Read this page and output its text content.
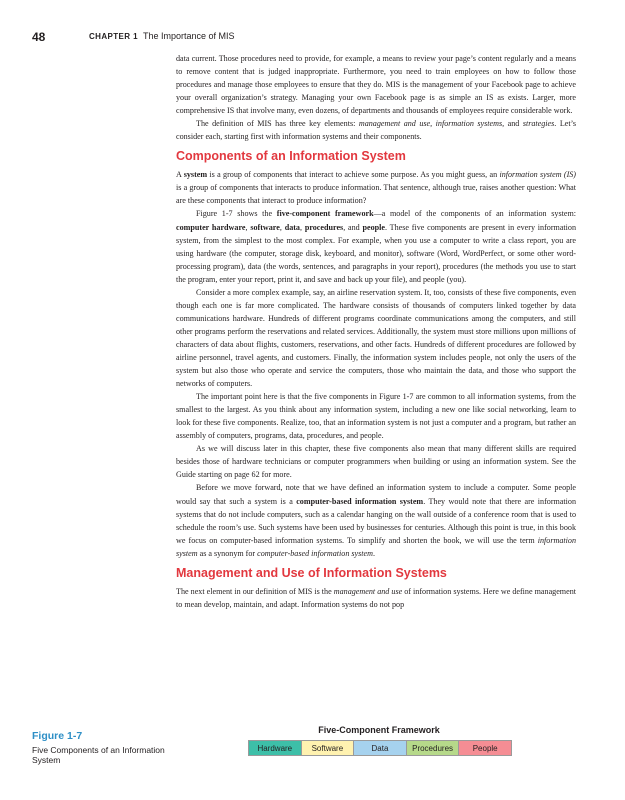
48	CHAPTER 1 The Importance of MIS

data current. Those procedures need to provide, for example, a means to review your page’s content regularly and a means to remove content that is judged inappropriate. Furthermore, you need to train employees on how to follow those procedures and manage those employees to ensure that they do. MIS is the management of your Facebook page to achieve your overall organization’s strategy. Managing your own Facebook page is as simple an IS as exists. Larger, more comprehensive IS that involve many, even dozens, of departments and thousands of employees require considerable work.

The definition of MIS has three key elements: management and use, information systems, and strategies. Let’s consider each, starting first with information systems and their components.

Components of an Information System

A system is a group of components that interact to achieve some purpose. As you might guess, an information system (IS) is a group of components that interacts to produce information. That sentence, although true, raises another question: What are these components that interact to produce information?

Figure 1-7 shows the five-component framework—a model of the components of an information system: computer hardware, software, data, procedures, and people. These five components are present in every information system, from the simplest to the most complex. For example, when you use a computer to write a class report, you are using hardware (the computer, storage disk, keyboard, and monitor), software (Word, WordPerfect, or some other word-processing program), data (the words, sentences, and paragraphs in your report), procedures (the methods you use to start the program, enter your report, print it, and save and back up your file), and people (you).

Consider a more complex example, say, an airline reservation system. It, too, consists of these five components, even though each one is far more complicated. The hardware consists of thousands of computers linked together by data communications hardware. Hundreds of different programs coordinate communications among the computers, and still other programs perform the reservations and related services. Additionally, the system must store millions upon millions of characters of data about flights, customers, reservations, and other facts. Hundreds of different procedures are followed by airline personnel, travel agents, and customers. Finally, the information system includes people, not only the users of the system but also those who operate and service the computers, those who maintain the data, and those who support the networks of computers.

The important point here is that the five components in Figure 1-7 are common to all information systems, from the smallest to the largest. As you think about any information system, including a new one like social networking, learn to look for these five components. Realize, too, that an information system is not just a computer and a program, but rather an assembly of computers, programs, data, procedures, and people.

As we will discuss later in this chapter, these five components also mean that many different skills are required besides those of hardware technicians or computer programmers when building or using an information system. See the Guide starting on page 62 for more.

Before we move forward, note that we have defined an information system to include a computer. Some people would say that such a system is a computer-based information system. They would note that there are information systems that do not include computers, such as a calendar hanging on the wall outside of a conference room that is used to schedule the room’s use. Such systems have been used by businesses for centuries. Although this point is true, in this book we focus on computer-based information systems. To simplify and shorten the book, we will use the term information system as a synonym for computer-based information system.

Management and Use of Information Systems

The next element in our definition of MIS is the management and use of information systems. Here we define management to mean develop, maintain, and adapt. Information systems do not pop

Figure 1-7
Five Components of an Information System
Five-Component Framework
Hardware	Software	Data	Procedures	People
